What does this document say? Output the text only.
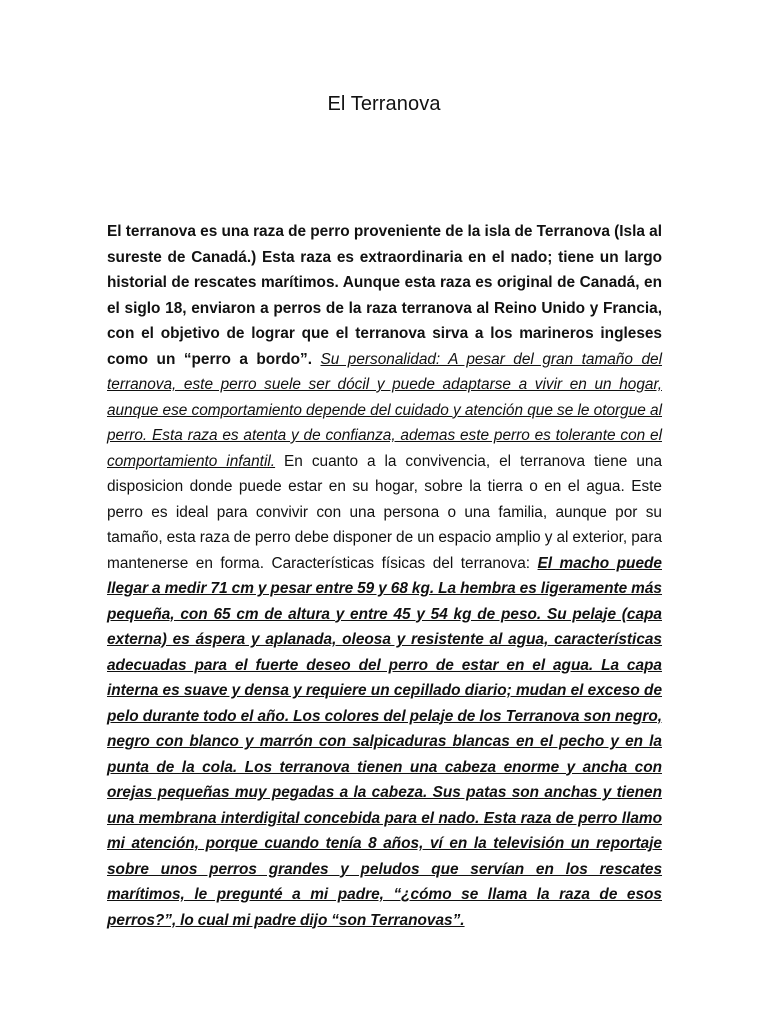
El Terranova

El terranova es una raza de perro proveniente de la isla de Terranova (Isla al sureste de Canadá.) Esta raza es extraordinaria en el nado; tiene un largo historial de rescates marítimos. Aunque esta raza es original de Canadá, en el siglo 18, enviaron a perros de la raza terranova al Reino Unido y Francia, con el objetivo de lograr que el terranova sirva a los marineros ingleses como un “perro a bordo”. Su personalidad: A pesar del gran tamaño del terranova, este perro suele ser dócil y puede adaptarse a vivir en un hogar, aunque ese comportamiento depende del cuidado y atención que se le otorgue al perro. Esta raza es atenta y de confianza, ademas este perro es tolerante con el comportamiento infantil. En cuanto a la convivencia, el terranova tiene una disposicion donde puede estar en su hogar, sobre la tierra o en el agua. Este perro es ideal para convivir con una persona o una familia, aunque por su tamaño, esta raza de perro debe disponer de un espacio amplio y al exterior, para mantenerse en forma. Características físicas del terranova: El macho puede llegar a medir 71 cm y pesar entre 59 y 68 kg. La hembra es ligeramente más pequeña, con 65 cm de altura y entre 45 y 54 kg de peso. Su pelaje (capa externa) es áspera y aplanada, oleosa y resistente al agua, características adecuadas para el fuerte deseo del perro de estar en el agua. La capa interna es suave y densa y requiere un cepillado diario; mudan el exceso de pelo durante todo el año. Los colores del pelaje de los Terranova son negro, negro con blanco y marrón con salpicaduras blancas en el pecho y en la punta de la cola. Los terranova tienen una cabeza enorme y ancha con orejas pequeñas muy pegadas a la cabeza. Sus patas son anchas y tienen una membrana interdigital concebida para el nado. Esta raza de perro llamo mi atención, porque cuando tenía 8 años, ví en la televisión un reportaje sobre unos perros grandes y peludos que servían en los rescates marítimos, le pregunté a mi padre, “¿cómo se llama la raza de esos perros?”, lo cual mi padre dijo “son Terranovas”.
